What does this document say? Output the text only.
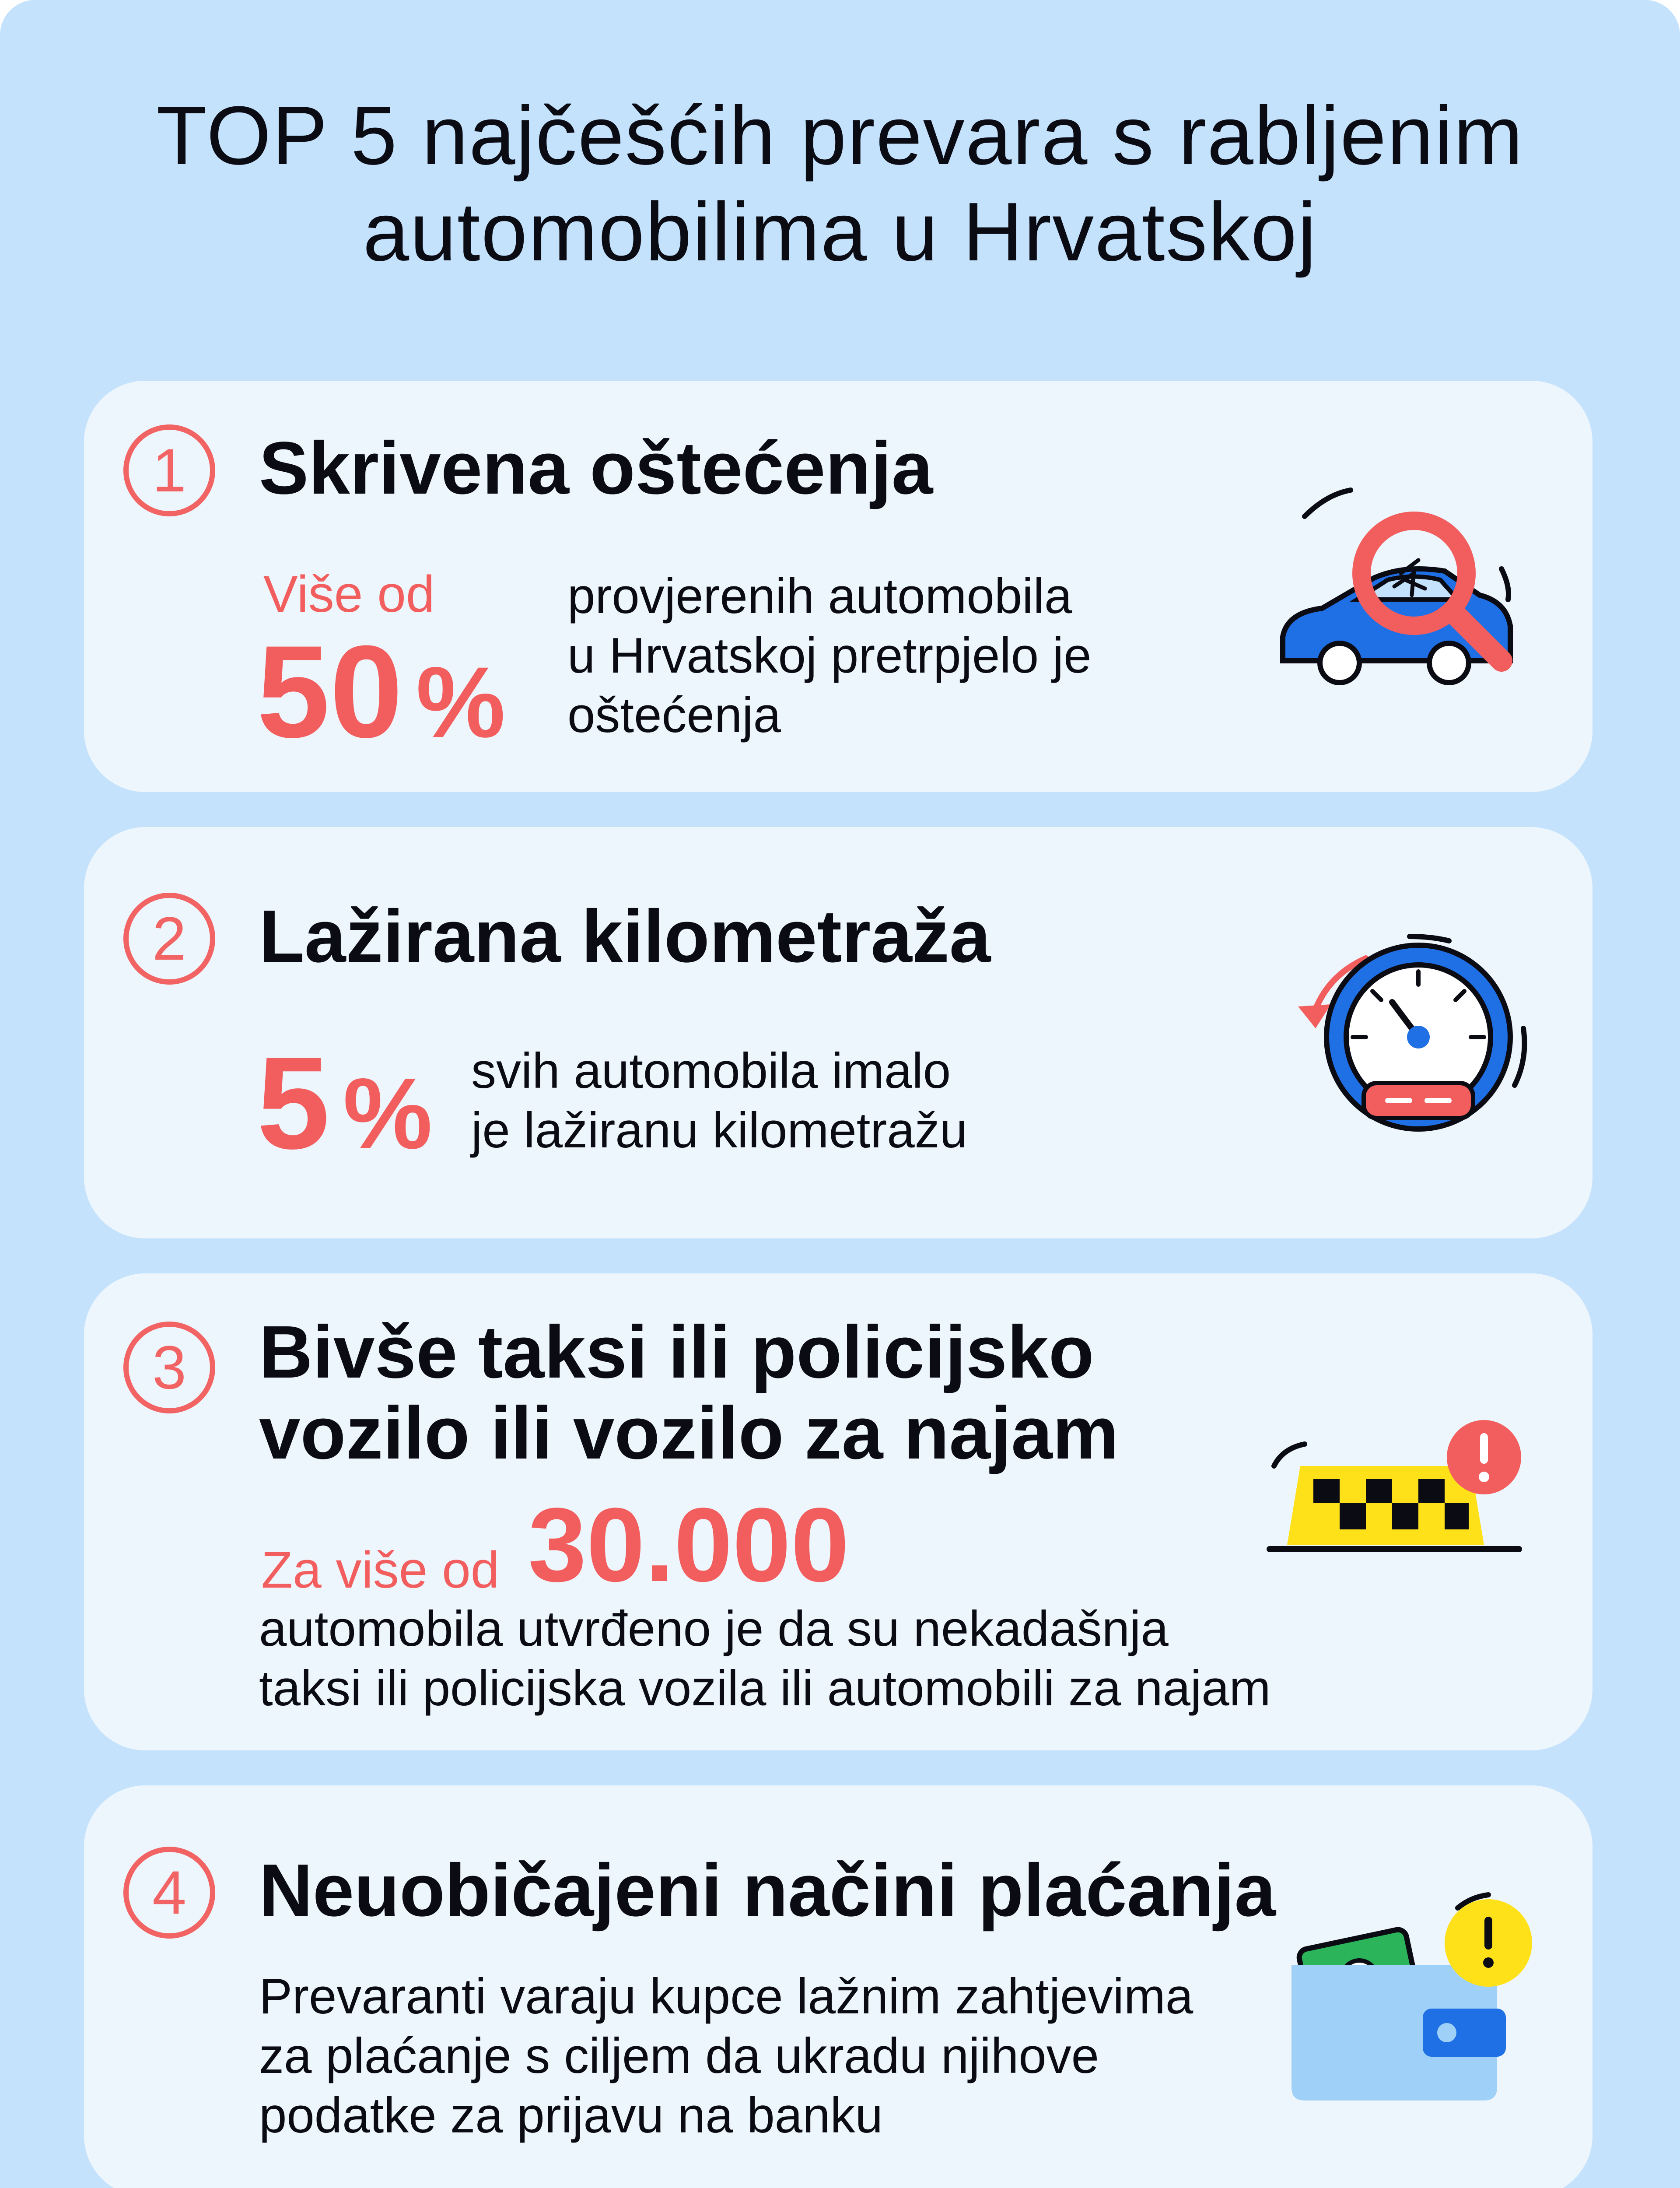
TOP 5 najčešćih prevara s rabljenim
automobilima u Hrvatskoj
1 Skrivena oštećenja
Više od
50 %
provjerenih automobila
u Hrvatskoj pretrpjelo je
oštećenja
2 Lažirana kilometraža
5 % svih automobila imalo
je lažiranu kilometražu
3 Bivše taksi ili policijsko
vozilo ili vozilo za najam
Za više od 30.000
automobila utvrđeno je da su nekadašnja
taksi ili policijska vozila ili automobili za najam
4 Neuobičajeni načini plaćanja
Prevaranti varaju kupce lažnim zahtjevima
za plaćanje s ciljem da ukradu njihove
podatke za prijavu na banku
